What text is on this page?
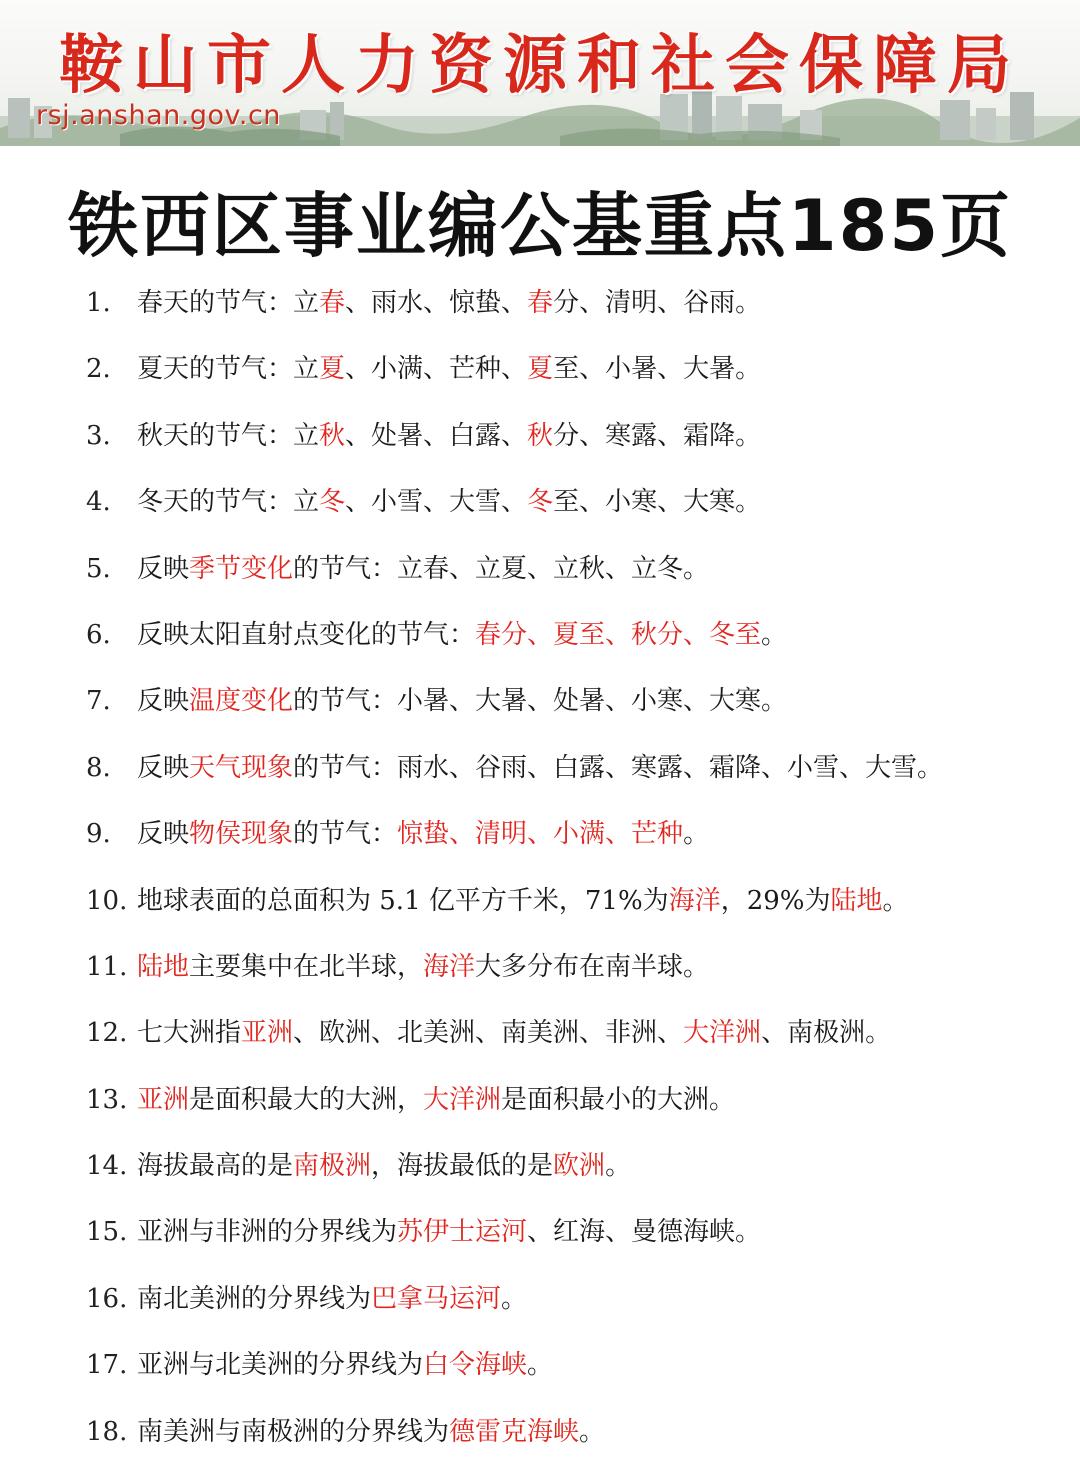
鞍山市人力资源和社会保障局
rsj.anshan.gov.cn
铁西区事业编公基重点185页
1.	春天的节气：立春、雨水、惊蛰、春分、清明、谷雨。
2.	夏天的节气：立夏、小满、芒种、夏至、小暑、大暑。
3.	秋天的节气：立秋、处暑、白露、秋分、寒露、霜降。
4.	冬天的节气：立冬、小雪、大雪、冬至、小寒、大寒。
5.	反映季节变化的节气：立春、立夏、立秋、立冬。
6.	反映太阳直射点变化的节气：春分、夏至、秋分、冬至。
7.	反映温度变化的节气：小暑、大暑、处暑、小寒、大寒。
8.	反映天气现象的节气：雨水、谷雨、白露、寒露、霜降、小雪、大雪。
9.	反映物侯现象的节气：惊蛰、清明、小满、芒种。
10. 地球表面的总面积为 5.1 亿平方千米，71%为海洋，29%为陆地。
11. 陆地主要集中在北半球，海洋大多分布在南半球。
12. 七大洲指亚洲、欧洲、北美洲、南美洲、非洲、大洋洲、南极洲。
13. 亚洲是面积最大的大洲，大洋洲是面积最小的大洲。
14. 海拔最高的是南极洲，海拔最低的是欧洲。
15. 亚洲与非洲的分界线为苏伊士运河、红海、曼德海峡。
16. 南北美洲的分界线为巴拿马运河。
17. 亚洲与北美洲的分界线为白令海峡。
18. 南美洲与南极洲的分界线为德雷克海峡。
